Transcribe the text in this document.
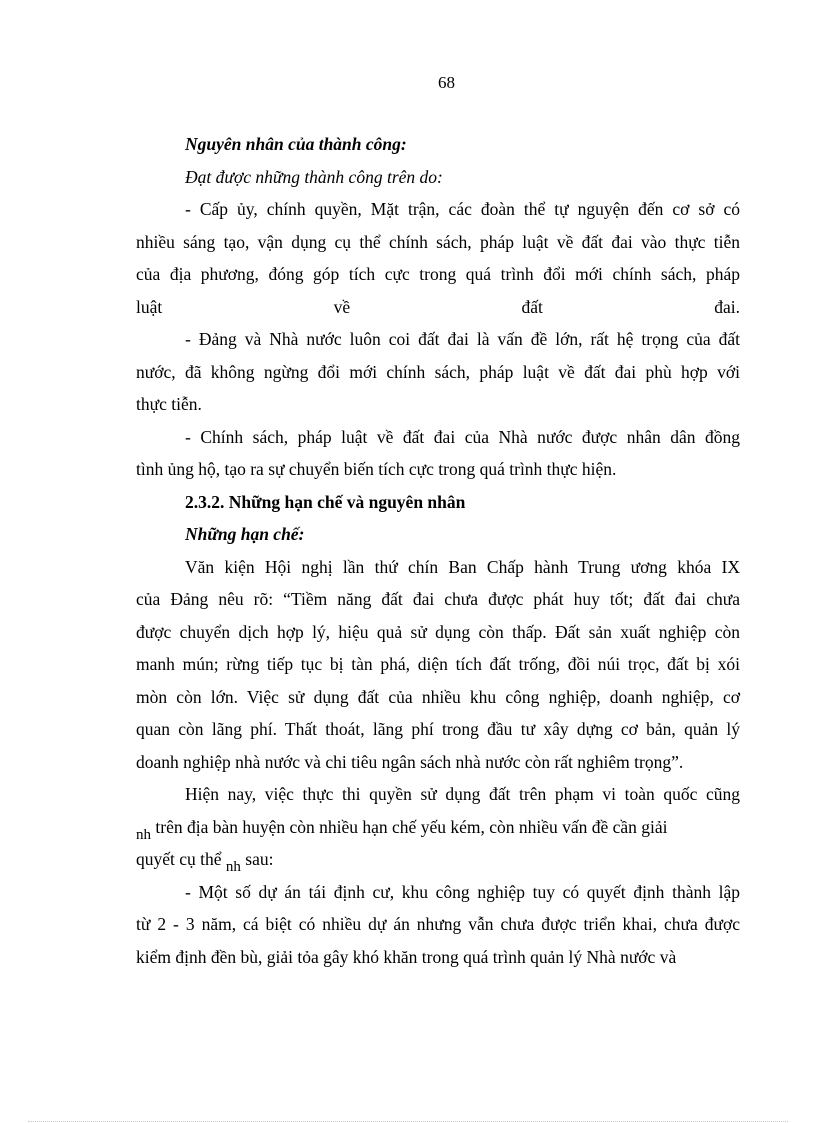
68
Nguyên nhân của thành công:
Đạt được những thành công trên do:
- Cấp ủy, chính quyền, Mặt trận, các đoàn thể tự nguyện đến cơ sở có
nhiều sáng tạo, vận dụng cụ thể chính sách, pháp luật về đất đai vào thực tiễn
của địa phương, đóng góp tích cực trong quá trình đổi mới chính sách, pháp
luật về đất đai.
- Đảng và Nhà nước luôn coi đất đai là vấn đề lớn, rất hệ trọng của đất
nước, đã không ngừng đổi mới chính sách, pháp luật về đất đai phù hợp với
thực tiễn.
- Chính sách, pháp luật về đất đai của Nhà nước được nhân dân đồng
tình ủng hộ, tạo ra sự chuyển biến tích cực trong quá trình thực hiện.
2.3.2. Những hạn chế và nguyên nhân
Những hạn chế:
Văn kiện Hội nghị lần thứ chín Ban Chấp hành Trung ương khóa IX
của Đảng nêu rõ: “Tiềm năng đất đai chưa được phát huy tốt; đất đai chưa
được chuyển dịch hợp lý, hiệu quả sử dụng còn thấp. Đất sản xuất nghiệp còn
manh mún; rừng tiếp tục bị tàn phá, diện tích đất trống, đồi núi trọc, đất bị xói
mòn còn lớn. Việc sử dụng đất của nhiều khu công nghiệp, doanh nghiệp, cơ
quan còn lãng phí. Thất thoát, lãng phí trong đầu tư xây dựng cơ bản, quản lý
doanh nghiệp nhà nước và chi tiêu ngân sách nhà nước còn rất nghiêm trọng”.
Hiện nay, việc thực thi quyền sử dụng đất trên phạm vi toàn quốc cũng
nh trên địa bàn huyện còn nhiều hạn chế yếu kém, còn nhiều vấn đề cần giải
quyết cụ thể nh sau:
- Một số dự án tái định cư, khu công nghiệp tuy có quyết định thành lập
từ 2 - 3 năm, cá biệt có nhiều dự án nhưng vẫn chưa được triển khai, chưa được
kiểm định đền bù, giải tỏa gây khó khăn trong quá trình quản lý Nhà nước và
